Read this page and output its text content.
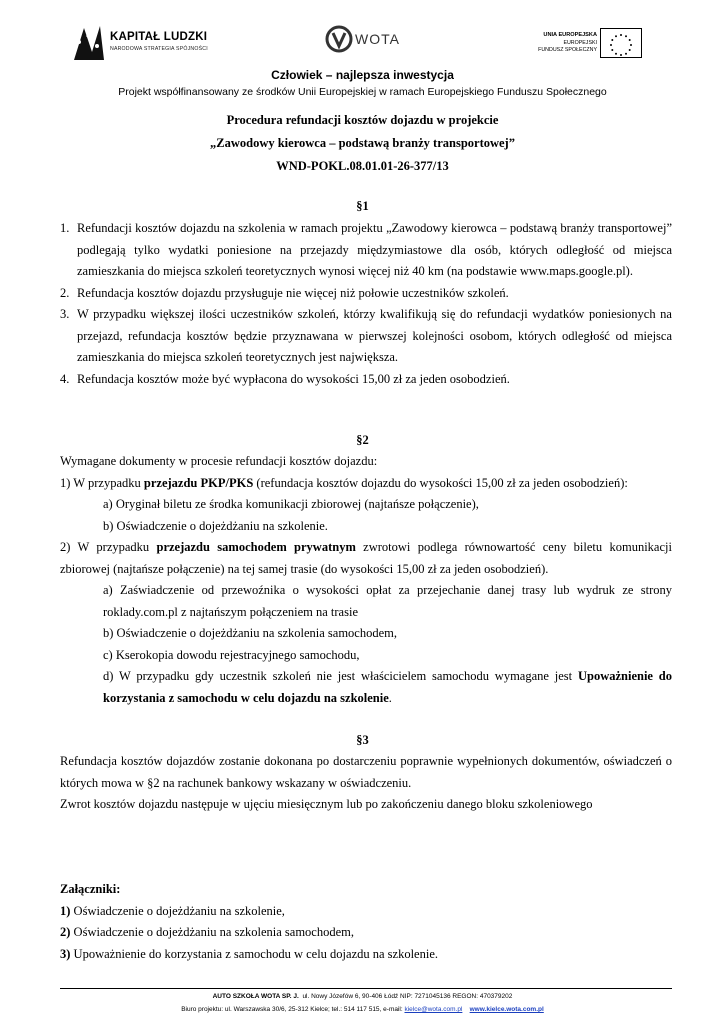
KAPITAŁ LUDZKI
NARODOWA STRATEGIA SPÓJNOŚCI
WOTA	UNIA EUROPEJSKA
EUROPEJSKI
FUNDUSZ SPOŁECZNY
Człowiek – najlepsza inwestycja
Projekt współfinansowany ze środków Unii Europejskiej w ramach Europejskiego Funduszu Społecznego
Procedura refundacji kosztów dojazdu w projekcie
„Zawodowy kierowca – podstawą branży transportowej”
WND-POKL.08.01.01-26-377/13
§1
1. Refundacji kosztów dojazdu na szkolenia w ramach projektu „Zawodowy kierowca – podstawą branży transportowej” podlegają tylko wydatki poniesione na przejazdy międzymiastowe dla osób, których odległość od miejsca zamieszkania do miejsca szkoleń teoretycznych wynosi więcej niż 40 km (na podstawie www.maps.google.pl).
2. Refundacja kosztów dojazdu przysługuje nie więcej niż połowie uczestników szkoleń.
3. W przypadku większej ilości uczestników szkoleń, którzy kwalifikują się do refundacji wydatków poniesionych na przejazd, refundacja kosztów będzie przyznawana w pierwszej kolejności osobom, których odległość od miejsca zamieszkania do miejsca szkoleń teoretycznych jest największa.
4. Refundacja kosztów może być wypłacona do wysokości 15,00 zł za jeden osobodzień.
§2
Wymagane dokumenty w procesie refundacji kosztów dojazdu:
1) W przypadku przejazdu PKP/PKS (refundacja kosztów dojazdu do wysokości 15,00 zł za jeden osobodzień):
a) Oryginał biletu ze środka komunikacji zbiorowej (najtańsze połączenie),
b) Oświadczenie o dojeżdżaniu na szkolenie.
2) W przypadku przejazdu samochodem prywatnym zwrotowi podlega równowartość ceny biletu komunikacji zbiorowej (najtańsze połączenie) na tej samej trasie (do wysokości 15,00 zł za jeden osobodzień).
a) Zaświadczenie od przewoźnika o wysokości opłat za przejechanie danej trasy lub wydruk ze strony roklady.com.pl z najtańszym połączeniem na trasie
b) Oświadczenie o dojeżdżaniu na szkolenia samochodem,
c) Kserokopia dowodu rejestracyjnego samochodu,
d) W przypadku gdy uczestnik szkoleń nie jest właścicielem samochodu wymagane jest Upoważnienie do korzystania z samochodu w celu dojazdu na szkolenie.
§3
Refundacja kosztów dojazdów zostanie dokonana po dostarczeniu poprawnie wypełnionych dokumentów, oświadczeń o których mowa w §2 na rachunek bankowy wskazany w oświadczeniu.
Zwrot kosztów dojazdu następuje w ujęciu miesięcznym lub po zakończeniu danego bloku szkoleniowego
Załączniki:
1) Oświadczenie o dojeżdżaniu na szkolenie,
2) Oświadczenie o dojeżdżaniu na szkolenia samochodem,
3) Upoważnienie do korzystania z samochodu w celu dojazdu na szkolenie.
AUTO SZKOŁA WOTA SP. J. ul. Nowy Józefów 6, 90-406 Łódź NIP: 7271045136 REGON: 470379202
Biuro projektu: ul. Warszawska 30/6, 25-312 Kielce; tel.: 514 117 515, e-mail: kielce@wota.com.pl www.kielce.wota.com.pl
